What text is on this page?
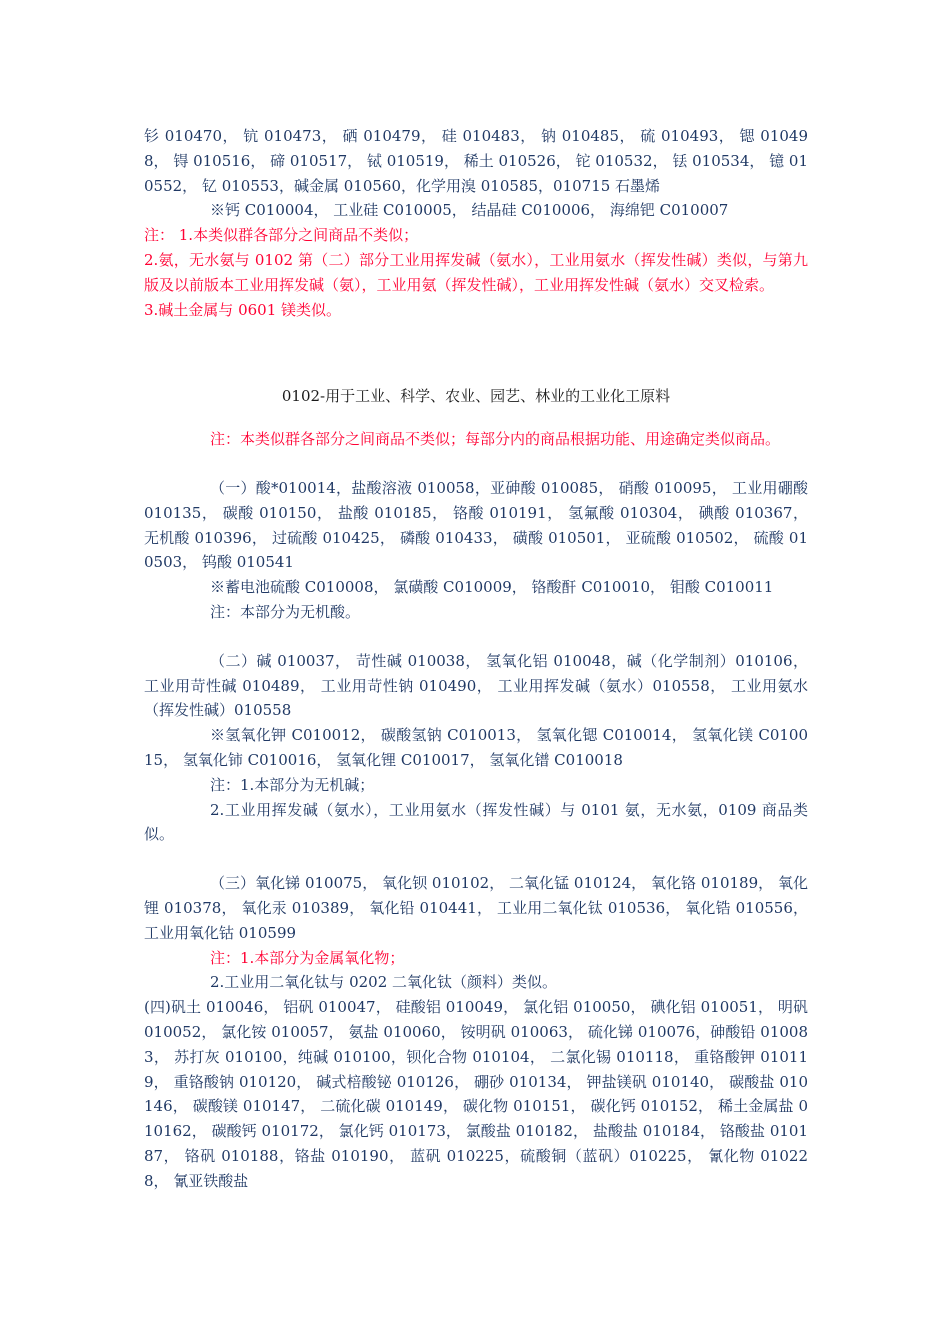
钐 010470， 钪 010473， 硒 010479， 硅 010483， 钠 010485， 硫 010493， 锶 010498， 锝 010516， 碲 010517， 铽 010519， 稀土 010526， 铊 010532， 铥 010534， 镱 010552， 钇 010553，碱金属 010560，化学用溴 010585，010715 石墨烯

※钙 C010004， 工业硅 C010005， 结晶硅 C010006， 海绵钯 C010007

注： 1.本类似群各部分之间商品不类似；

2.氨，无水氨与 0102 第（二）部分工业用挥发碱（氨水），工业用氨水（挥发性碱）类似，与第九版及以前版本工业用挥发碱（氨），工业用氨（挥发性碱），工业用挥发性碱（氨水）交叉检索。

3.碱土金属与 0601 镁类似。

0102-用于工业、科学、农业、园艺、林业的工业化工原料

注：本类似群各部分之间商品不类似；每部分内的商品根据功能、用途确定类似商品。

（一）酸*010014，盐酸溶液 010058，亚砷酸 010085， 硝酸 010095， 工业用硼酸 010135， 碳酸 010150， 盐酸 010185， 铬酸 010191， 氢氟酸 010304， 碘酸 010367， 无机酸 010396， 过硫酸 010425， 磷酸 010433， 磺酸 010501， 亚硫酸 010502， 硫酸 010503， 钨酸 010541

※蓄电池硫酸 C010008， 氯磺酸 C010009， 铬酸酐 C010010， 钼酸 C010011

注：本部分为无机酸。

（二）碱 010037， 苛性碱 010038， 氢氧化铝 010048，碱（化学制剂）010106， 工业用苛性碱 010489， 工业用苛性钠 010490， 工业用挥发碱（氨水）010558， 工业用氨水（挥发性碱）010558

※氢氧化钾 C010012， 碳酸氢钠 C010013， 氢氧化锶 C010014， 氢氧化镁 C010015， 氢氧化铈 C010016， 氢氧化锂 C010017， 氢氧化镨 C010018

注：1.本部分为无机碱；

2.工业用挥发碱（氨水），工业用氨水（挥发性碱）与 0101 氨，无水氨，0109 商品类似。

（三）氧化锑 010075， 氧化钡 010102， 二氧化锰 010124， 氧化铬 010189， 氧化锂 010378， 氧化汞 010389， 氧化铅 010441， 工业用二氧化钛 010536， 氧化锆 010556， 工业用氧化钴 010599

注：1.本部分为金属氧化物；

2.工业用二氧化钛与 0202 二氧化钛（颜料）类似。

(四)矾土 010046， 铝矾 010047， 硅酸铝 010049， 氯化铝 010050， 碘化铝 010051， 明矾 010052， 氯化铵 010057， 氨盐 010060， 铵明矾 010063， 硫化锑 010076，砷酸铅 010083， 苏打灰 010100，纯碱 010100，钡化合物 010104， 二氯化锡 010118， 重铬酸钾 010119， 重铬酸钠 010120， 碱式棓酸铋 010126， 硼砂 010134， 钾盐镁矾 010140， 碳酸盐 010146， 碳酸镁 010147， 二硫化碳 010149， 碳化物 010151， 碳化钙 010152， 稀土金属盐 010162， 碳酸钙 010172， 氯化钙 010173， 氯酸盐 010182， 盐酸盐 010184， 铬酸盐 010187， 铬矾 010188，铬盐 010190， 蓝矾 010225，硫酸铜（蓝矾）010225， 氰化物 010228， 氰亚铁酸盐
